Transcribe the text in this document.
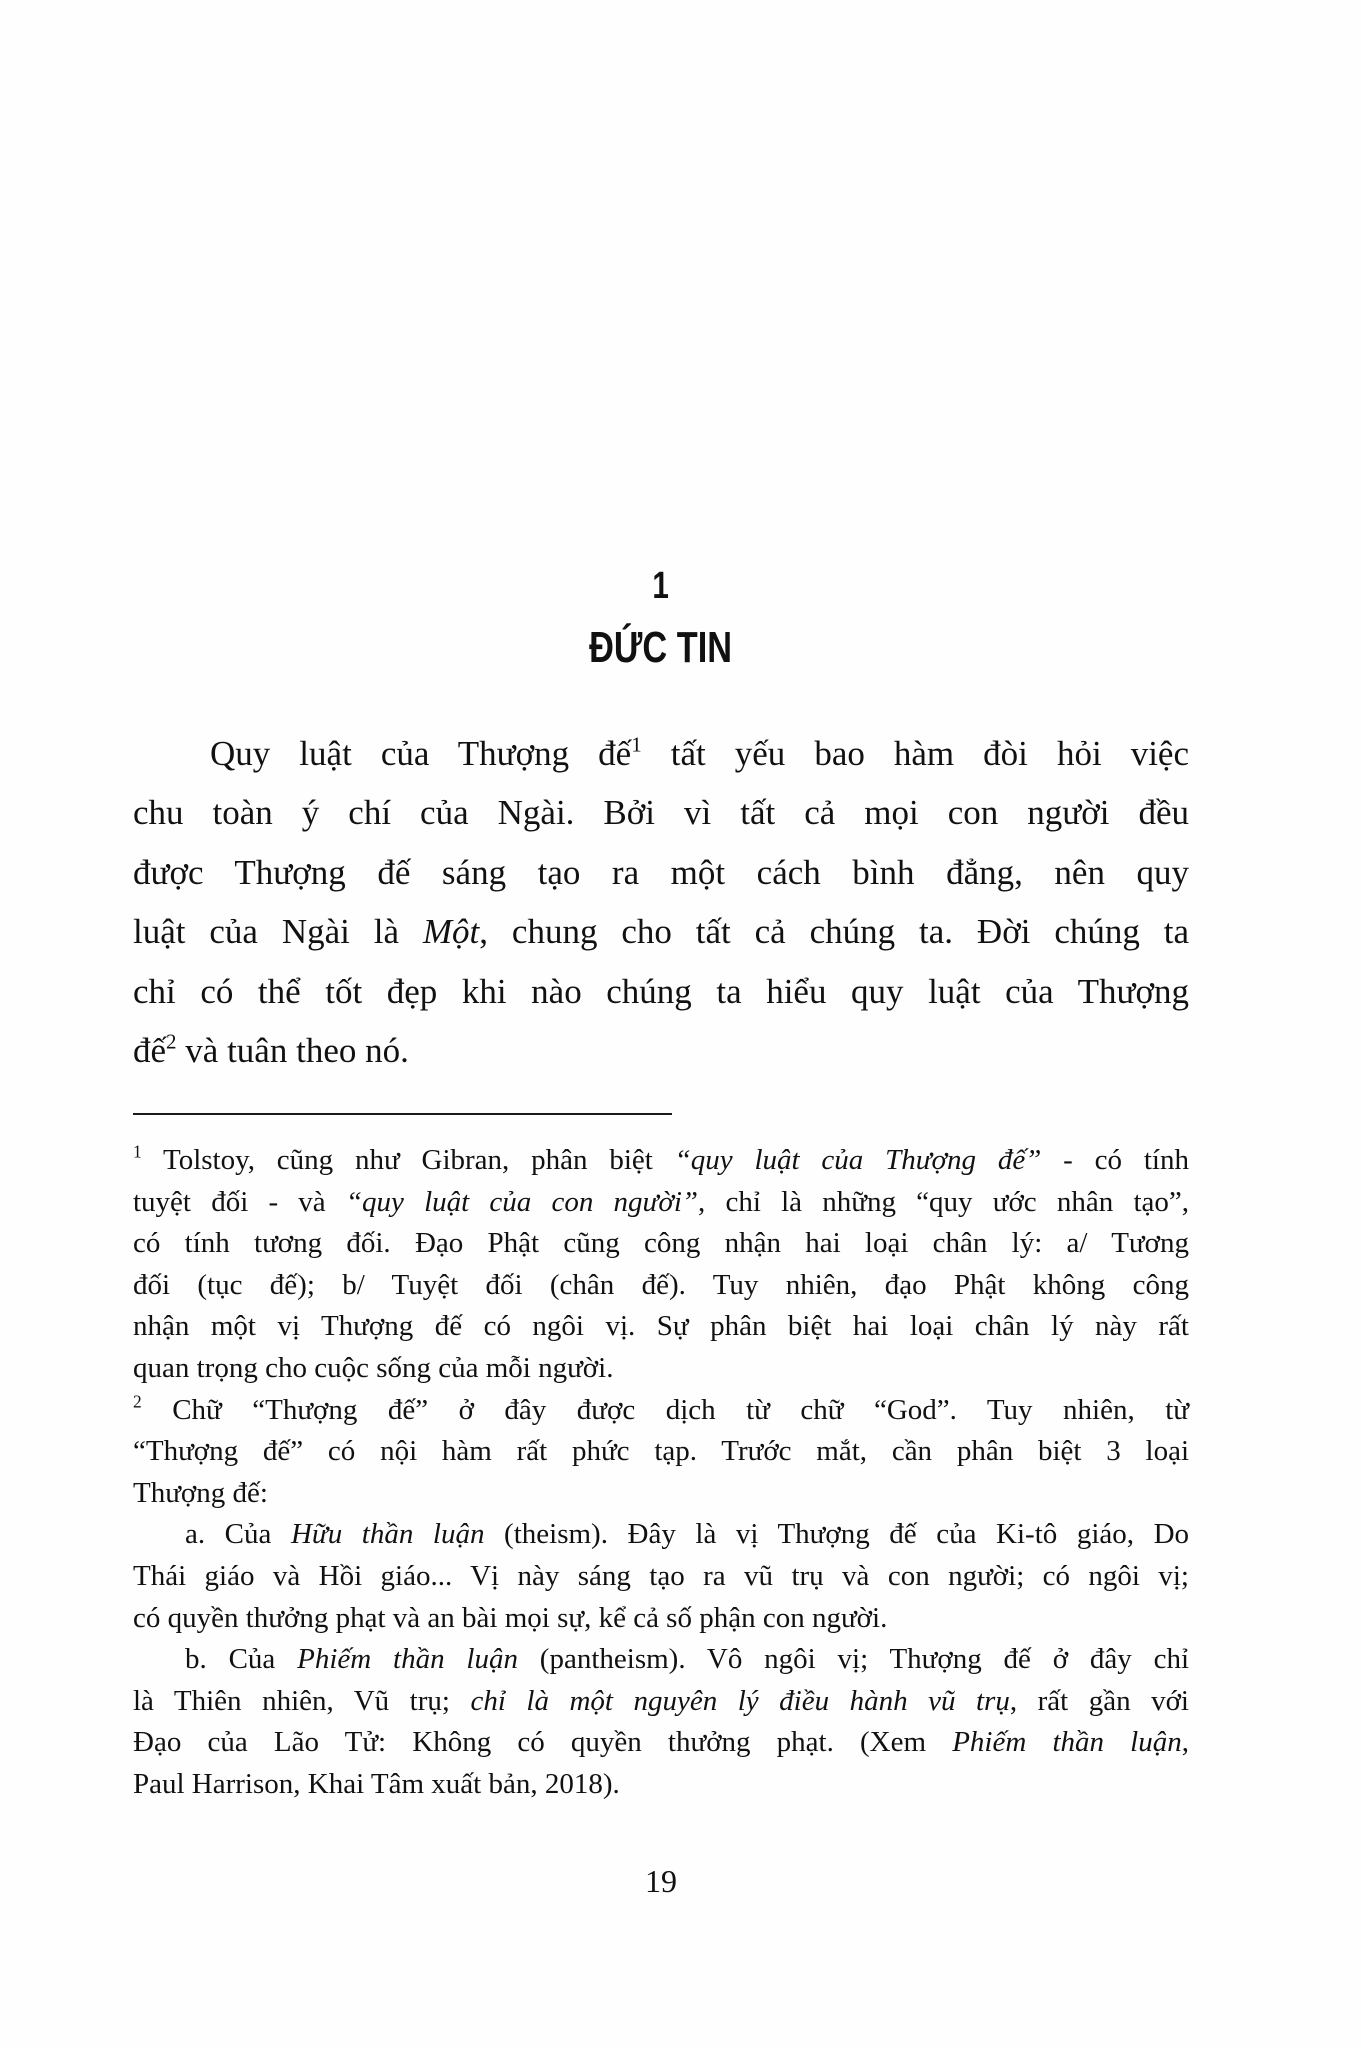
1
ĐỨC TIN
Quy luật của Thượng đế$^1$ tất yếu bao hàm đòi hỏi việc
chu toàn ý chí của Ngài. Bởi vì tất cả mọi con người đều
được Thượng đế sáng tạo ra một cách bình đẳng, nên quy
luật của Ngài là Một, chung cho tất cả chúng ta. Đời chúng ta
chỉ có thể tốt đẹp khi nào chúng ta hiểu quy luật của Thượng
đế$^2$ và tuân theo nó.
$^1$ Tolstoy, cũng như Gibran, phân biệt “quy luật của Thượng đế” - có tính
tuyệt đối - và “quy luật của con người”, chỉ là những “quy ước nhân tạo”,
có tính tương đối. Đạo Phật cũng công nhận hai loại chân lý: a/ Tương
đối (tục đế); b/ Tuyệt đối (chân đế). Tuy nhiên, đạo Phật không công
nhận một vị Thượng đế có ngôi vị. Sự phân biệt hai loại chân lý này rất
quan trọng cho cuộc sống của mỗi người.
$^2$ Chữ “Thượng đế” ở đây được dịch từ chữ “God”. Tuy nhiên, từ
“Thượng đế” có nội hàm rất phức tạp. Trước mắt, cần phân biệt 3 loại
Thượng đế:
a. Của Hữu thần luận (theism). Đây là vị Thượng đế của Ki-tô giáo, Do
Thái giáo và Hồi giáo... Vị này sáng tạo ra vũ trụ và con người; có ngôi vị;
có quyền thưởng phạt và an bài mọi sự, kể cả số phận con người.
b. Của Phiếm thần luận (pantheism). Vô ngôi vị; Thượng đế ở đây chỉ
là Thiên nhiên, Vũ trụ; chỉ là một nguyên lý điều hành vũ trụ, rất gần với
Đạo của Lão Tử: Không có quyền thưởng phạt. (Xem Phiếm thần luận,
Paul Harrison, Khai Tâm xuất bản, 2018).
19
